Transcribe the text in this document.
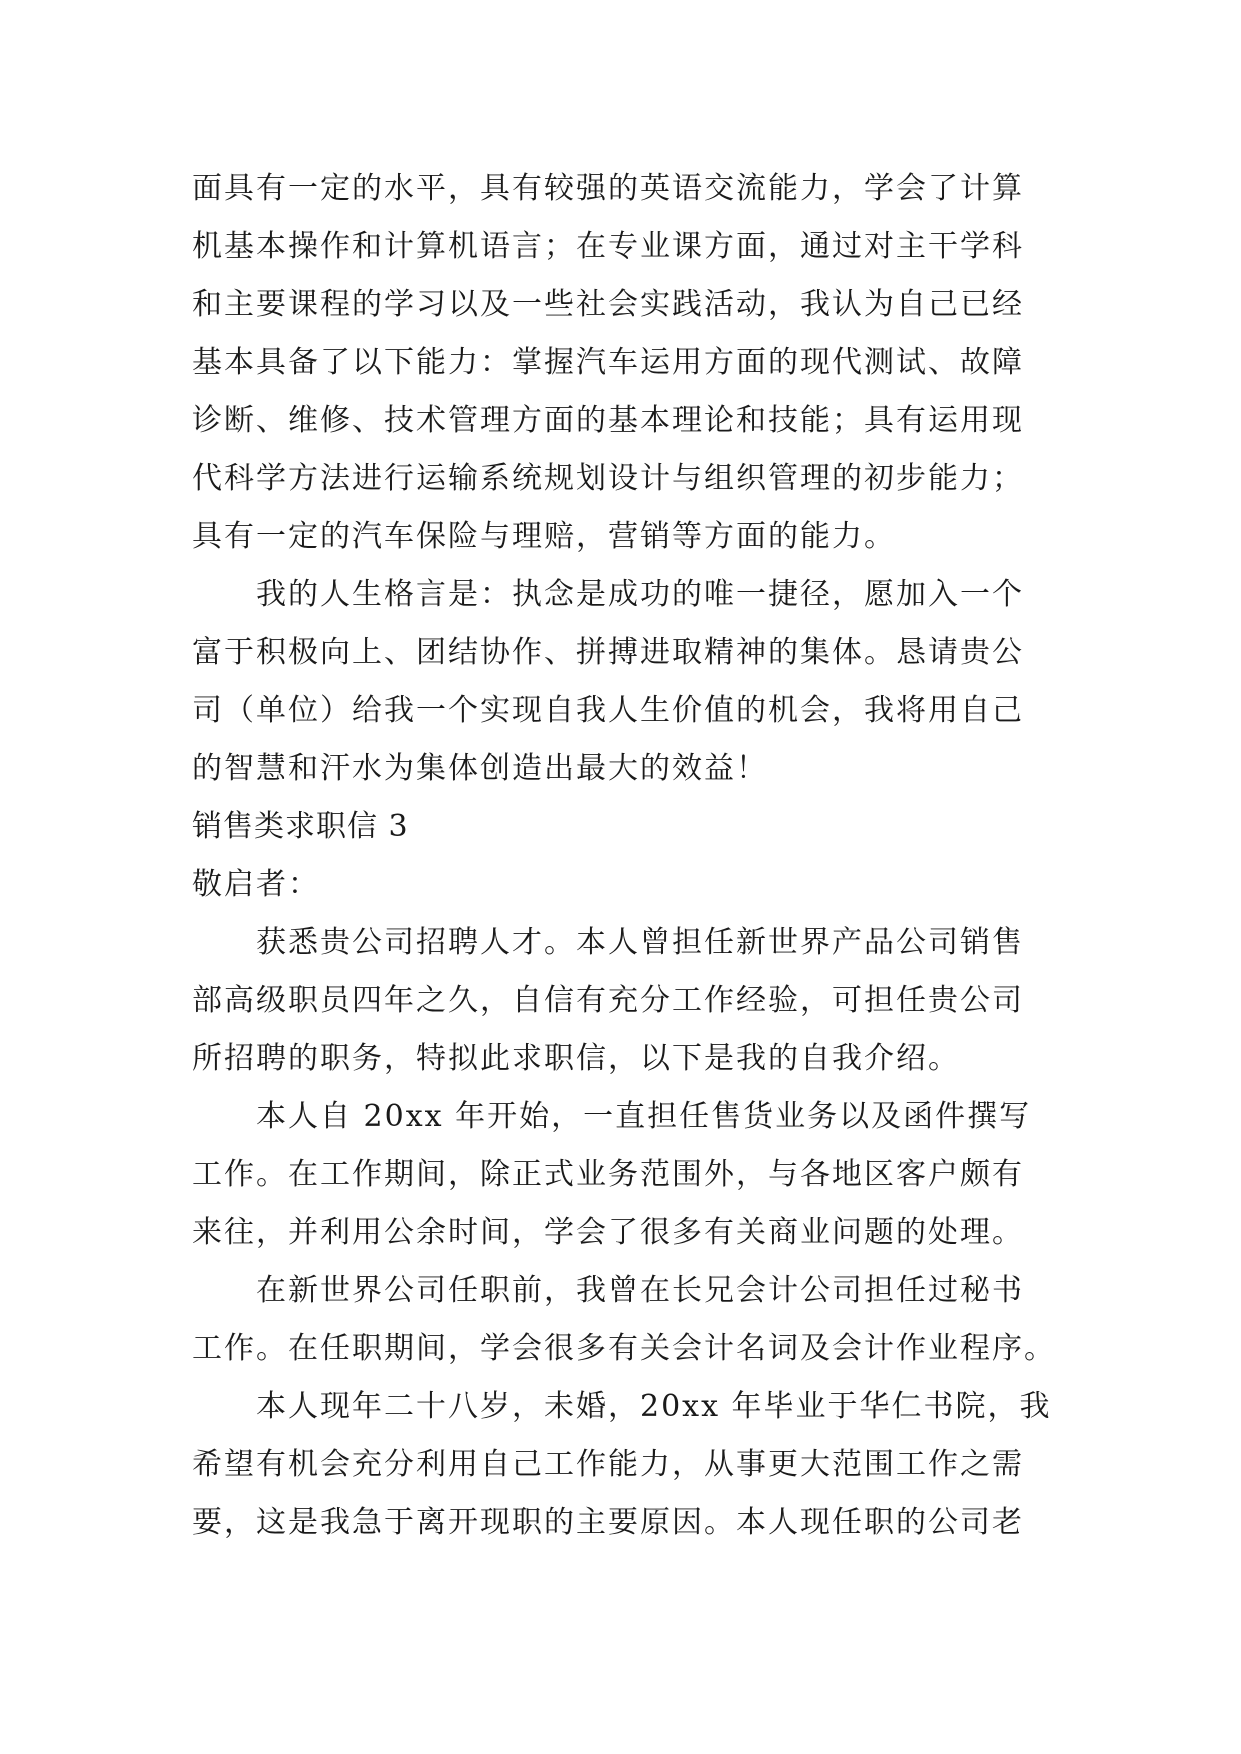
面具有一定的水平，具有较强的英语交流能力，学会了计算
机基本操作和计算机语言；在专业课方面，通过对主干学科
和主要课程的学习以及一些社会实践活动，我认为自己已经
基本具备了以下能力：掌握汽车运用方面的现代测试、故障
诊断、维修、技术管理方面的基本理论和技能；具有运用现
代科学方法进行运输系统规划设计与组织管理的初步能力；
具有一定的汽车保险与理赔，营销等方面的能力。
我的人生格言是：执念是成功的唯一捷径，愿加入一个
富于积极向上、团结协作、拼搏进取精神的集体。恳请贵公
司（单位）给我一个实现自我人生价值的机会，我将用自己
的智慧和汗水为集体创造出最大的效益！
销售类求职信 3
敬启者：
获悉贵公司招聘人才。本人曾担任新世界产品公司销售
部高级职员四年之久，自信有充分工作经验，可担任贵公司
所招聘的职务，特拟此求职信，以下是我的自我介绍。
本人自 20xx 年开始，一直担任售货业务以及函件撰写
工作。在工作期间，除正式业务范围外，与各地区客户颇有
来往，并利用公余时间，学会了很多有关商业问题的处理。
在新世界公司任职前，我曾在长兄会计公司担任过秘书
工作。在任职期间，学会很多有关会计名词及会计作业程序。
本人现年二十八岁，未婚，20xx 年毕业于华仁书院，我
希望有机会充分利用自己工作能力，从事更大范围工作之需
要，这是我急于离开现职的主要原因。本人现任职的公司老
